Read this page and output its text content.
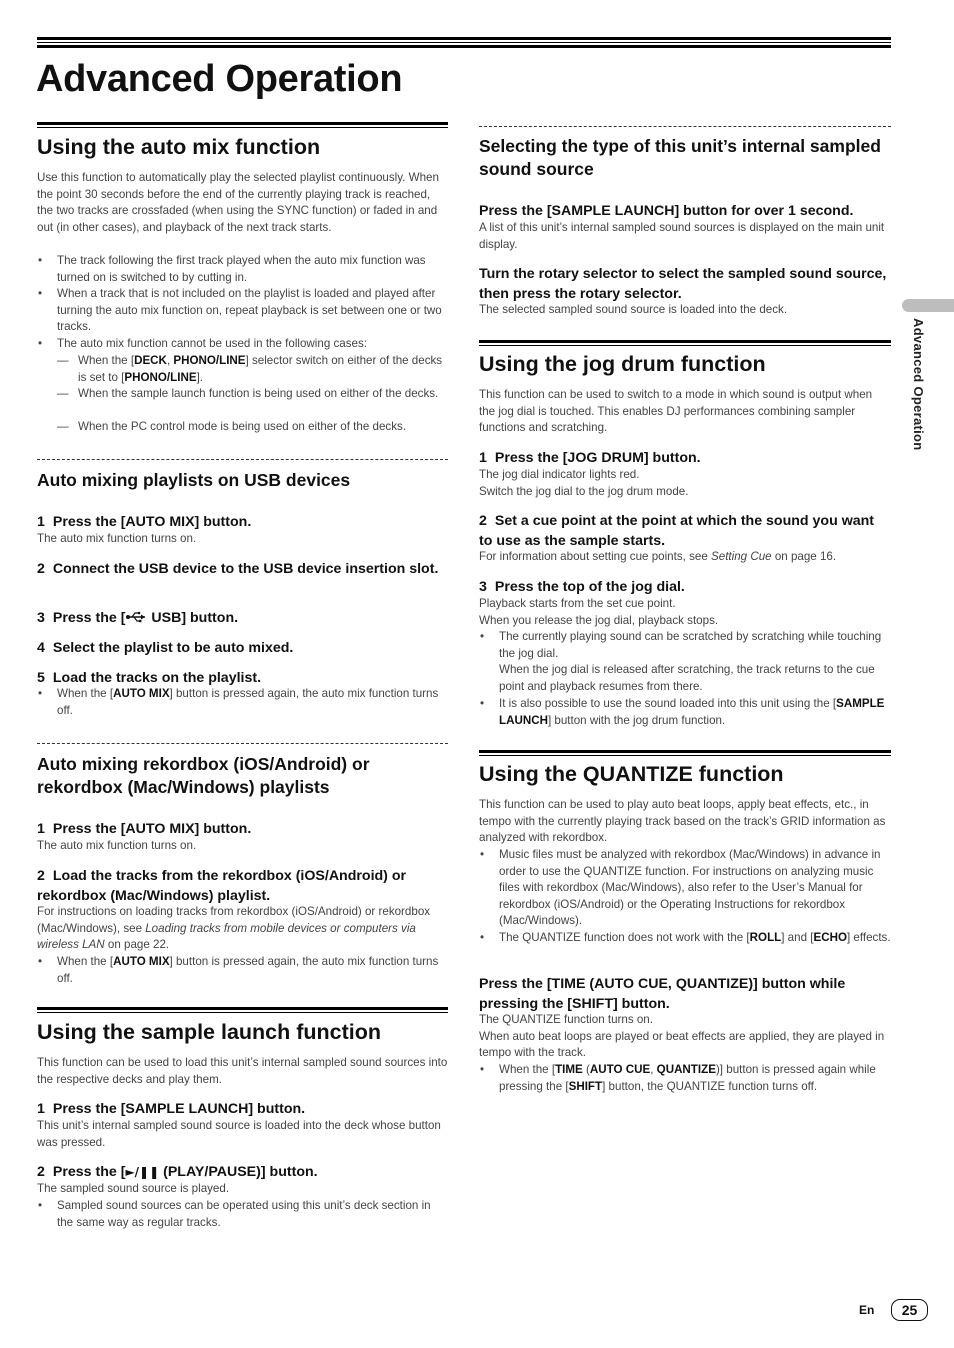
Advanced Operation
Advanced Operation
Using the auto mix function

Use this function to automatically play the selected playlist continuously. When the point 30 seconds before the end of the currently playing track is reached, the two tracks are crossfaded (when using the SYNC function) or faded in and out (in other cases), and playback of the next track starts.

• The track following the first track played when the auto mix function was turned on is switched to by cutting in.

• When a track that is not included on the playlist is loaded and played after turning the auto mix function on, repeat playback is set between one or two tracks.

• The auto mix function cannot be used in the following cases:

— When the [DECK, PHONO/LINE] selector switch on either of the decks is set to [PHONO/LINE].

— When the sample launch function is being used on either of the decks.

— When the PC control mode is being used on either of the decks.

Auto mixing playlists on USB devices
1 Press the [AUTO MIX] button.

The auto mix function turns on.

2 Connect the USB device to the USB device insertion slot.
3 Press the [ USB] button.
4 Select the playlist to be auto mixed.
5 Load the tracks on the playlist.

• When the [AUTO MIX] button is pressed again, the auto mix function turns off.

Auto mixing rekordbox (iOS/Android) or rekordbox (Mac/Windows) playlists
1 Press the [AUTO MIX] button.

The auto mix function turns on.

2 Load the tracks from the rekordbox (iOS/Android) or rekordbox (Mac/Windows) playlist.

For instructions on loading tracks from rekordbox (iOS/Android) or rekordbox (Mac/Windows), see Loading tracks from mobile devices or computers via wireless LAN on page 22.

• When the [AUTO MIX] button is pressed again, the auto mix function turns off.

Using the sample launch function

This function can be used to load this unit’s internal sampled sound sources into the respective decks and play them.

1 Press the [SAMPLE LAUNCH] button.

This unit’s internal sampled sound source is loaded into the deck whose button was pressed.

2 Press the [►/❚❚ (PLAY/PAUSE)] button.

The sampled sound source is played.

• Sampled sound sources can be operated using this unit’s deck section in the same way as regular tracks.

Selecting the type of this unit’s internal sampled sound source
Press the [SAMPLE LAUNCH] button for over 1 second.

A list of this unit’s internal sampled sound sources is displayed on the main unit display.

Turn the rotary selector to select the sampled sound source, then press the rotary selector.

The selected sampled sound source is loaded into the deck.

Using the jog drum function

This function can be used to switch to a mode in which sound is output when the jog dial is touched. This enables DJ performances combining sampler functions and scratching.

1 Press the [JOG DRUM] button.

The jog dial indicator lights red.
Switch the jog dial to the jog drum mode.

2 Set a cue point at the point at which the sound you want to use as the sample starts.

For information about setting cue points, see Setting Cue on page 16.

3 Press the top of the jog dial.

Playback starts from the set cue point.
When you release the jog dial, playback stops.

• The currently playing sound can be scratched by scratching while touching the jog dial.
When the jog dial is released after scratching, the track returns to the cue point and playback resumes from there.

• It is also possible to use the sound loaded into this unit using the [SAMPLE LAUNCH] button with the jog drum function.

Using the QUANTIZE function

This function can be used to play auto beat loops, apply beat effects, etc., in tempo with the currently playing track based on the track’s GRID information as analyzed with rekordbox.

• Music files must be analyzed with rekordbox (Mac/Windows) in advance in order to use the QUANTIZE function. For instructions on analyzing music files with rekordbox (Mac/Windows), also refer to the User’s Manual for rekordbox (iOS/Android) or the Operating Instructions for rekordbox (Mac/Windows).

• The QUANTIZE function does not work with the [ROLL] and [ECHO] effects.

Press the [TIME (AUTO CUE, QUANTIZE)] button while pressing the [SHIFT] button.

The QUANTIZE function turns on.
When auto beat loops are played or beat effects are applied, they are played in tempo with the track.

• When the [TIME (AUTO CUE, QUANTIZE)] button is pressed again while pressing the [SHIFT] button, the QUANTIZE function turns off.

En	25
